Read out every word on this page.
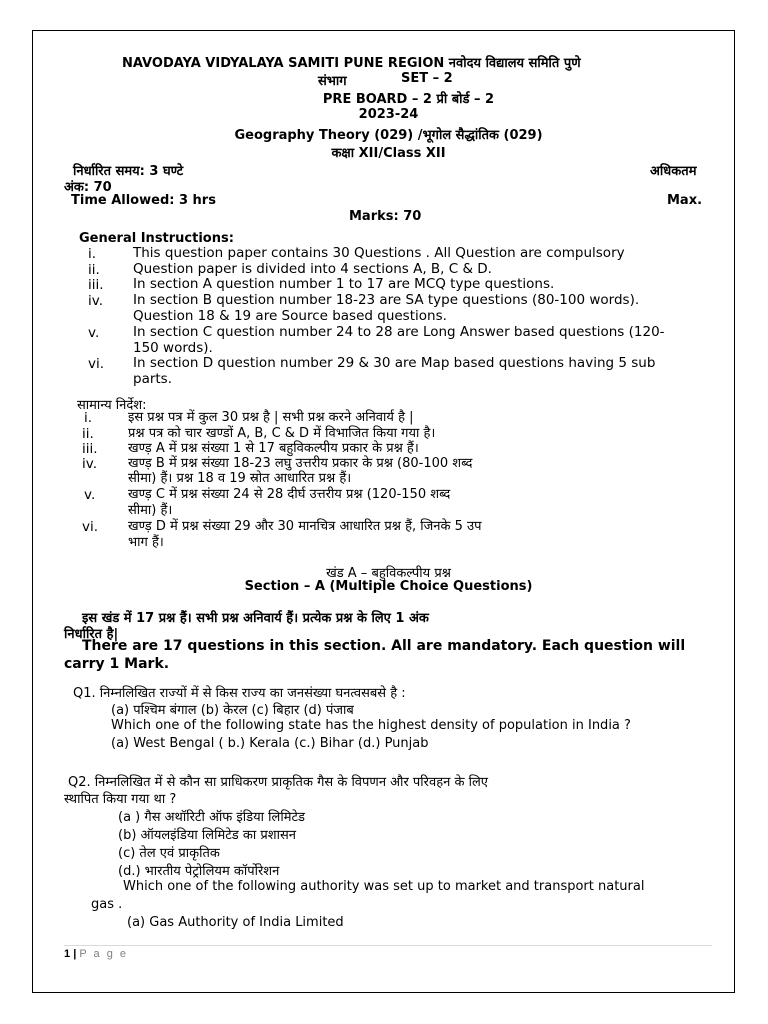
NAVODAYA VIDYALAYA SAMITI PUNE REGION नवोदय विद्यालय समिति पुणे
संभाग	SET – 2
PRE BOARD – 2 प्री बोर्ड – 2
2023-24
Geography Theory (029) /भूगोल सैद्धांतिक (029)
कक्षा XII/Class XII
निर्धारित समय: 3 घण्टे	अधिकतम
अंक: 70
Time Allowed: 3 hrs	Max.
Marks: 70
General Instructions:
i.	This question paper contains 30 Questions . All Question are compulsory
ii. Question paper is divided into 4 sections A, B, C & D.
iii. In section A question number 1 to 17 are MCQ type questions.
iv. In section B question number 18-23 are SA type questions (80-100 words).
Question 18 & 19 are Source based questions.
v.	In section C question number 24 to 28 are Long Answer based questions (120-
150 words).
vi. In section D question number 29 & 30 are Map based questions having 5 sub
parts.
सामान्य निर्देश:
i.	इस प्रश्न पत्र में कुल 30 प्रश्न है | सभी प्रश्न करने अनिवार्य है |
ii.	प्रश्न पत्र को चार खण्डों A, B, C & D में विभाजित किया गया है।
iii. खण्ड़ A में प्रश्न संख्या 1 से 17 बहुविकल्पीय प्रकार के प्रश्न हैं।
iv. खण्ड़ B में प्रश्न संख्या 18-23 लघु उत्तरीय प्रकार के प्रश्न (80-100 शब्द
सीमा) हैं। प्रश्न 18 व 19 स्रोत आधारित प्रश्न हैं।
v.	खण्ड़ C में प्रश्न संख्या 24 से 28 दीर्घ उत्तरीय प्रश्न (120-150 शब्द
सीमा) हैं।
vi. खण्ड़ D में प्रश्न संख्या 29 और 30 मानचित्र आधारित प्रश्न हैं, जिनके 5 उप
भाग हैं।
खंड A – बहुविकल्पीय प्रश्न
Section – A (Multiple Choice Questions)
इस खंड में 17 प्रश्न हैं। सभी प्रश्न अनिवार्य हैं। प्रत्येक प्रश्न के लिए 1 अंक
निर्धारित है|
There are 17 questions in this section. All are mandatory. Each question will
carry 1 Mark.
Q1. निम्नलिखित राज्यों में से किस राज्य का जनसंख्या घनत्वसबसे है :
(a) पश्चिम बंगाल (b) केरल (c) बिहार (d) पंजाब
Which one of the following state has the highest density of population in India ?
(a) West Bengal ( b.) Kerala (c.) Bihar (d.) Punjab
Q2. निम्नलिखित में से कौन सा प्राधिकरण प्राकृतिक गैस के विपणन और परिवहन के लिए
स्थापित किया गया था ?
(a ) गैस अथॉरिटी ऑफ इंडिया लिमिटेड
(b) ऑयलइंडिया लिमिटेड का प्रशासन
(c) तेल एवं प्राकृतिक
(d.) भारतीय पेट्रोलियम कॉर्पोरेशन
Which one of the following authority was set up to market and transport natural
gas .
(a) Gas Authority of India Limited
1 | P a g e
